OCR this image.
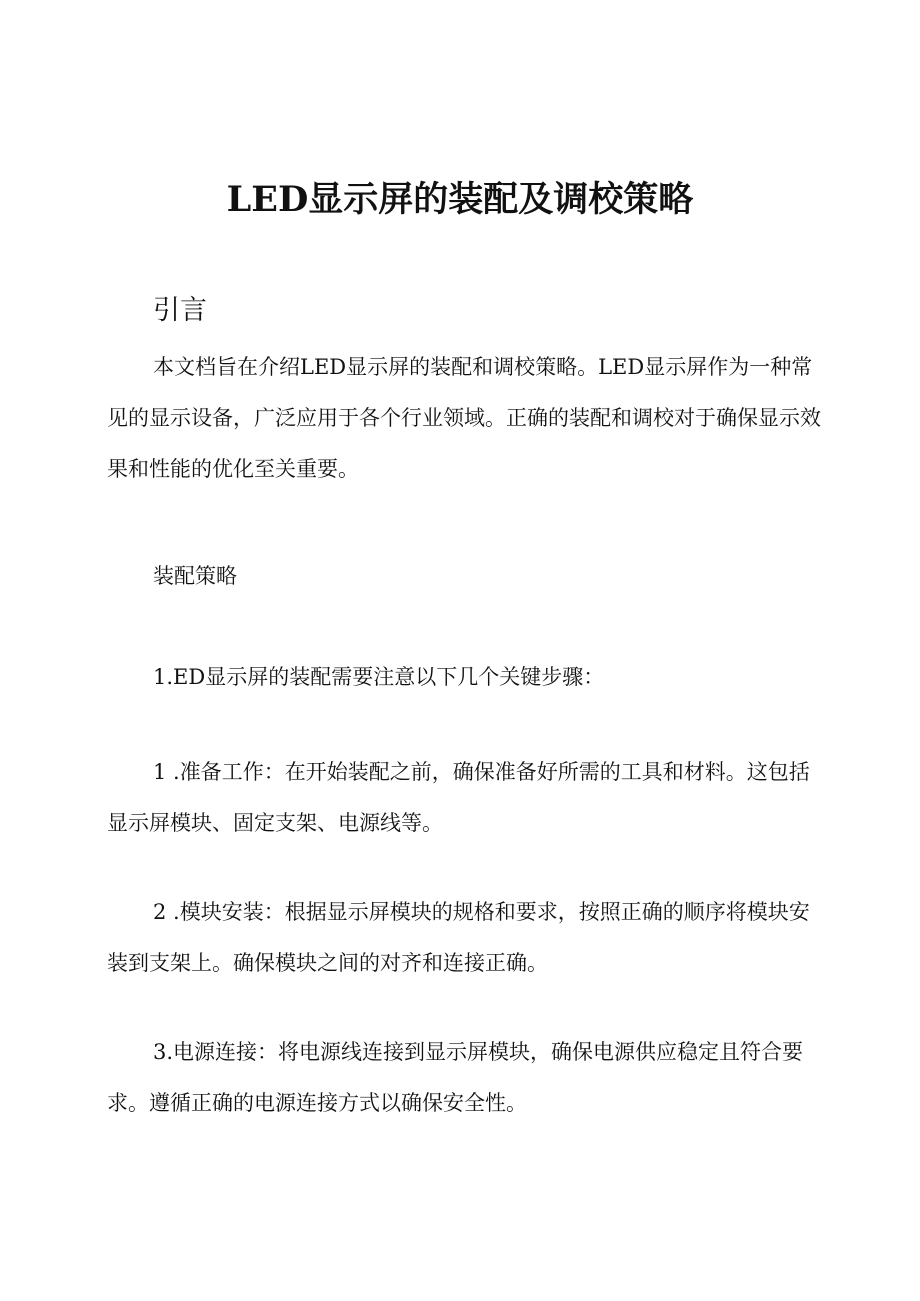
LED显示屏的装配及调校策略
引言

本文档旨在介绍LED显示屏的装配和调校策略。LED显示屏作为一种常见的显示设备，广泛应用于各个行业领域。正确的装配和调校对于确保显示效果和性能的优化至关重要。

装配策略

1.ED显示屏的装配需要注意以下几个关键步骤：

1 .准备工作：在开始装配之前，确保准备好所需的工具和材料。这包括显示屏模块、固定支架、电源线等。

2 .模块安装：根据显示屏模块的规格和要求，按照正确的顺序将模块安装到支架上。确保模块之间的对齐和连接正确。

3.电源连接：将电源线连接到显示屏模块，确保电源供应稳定且符合要求。遵循正确的电源连接方式以确保安全性。
